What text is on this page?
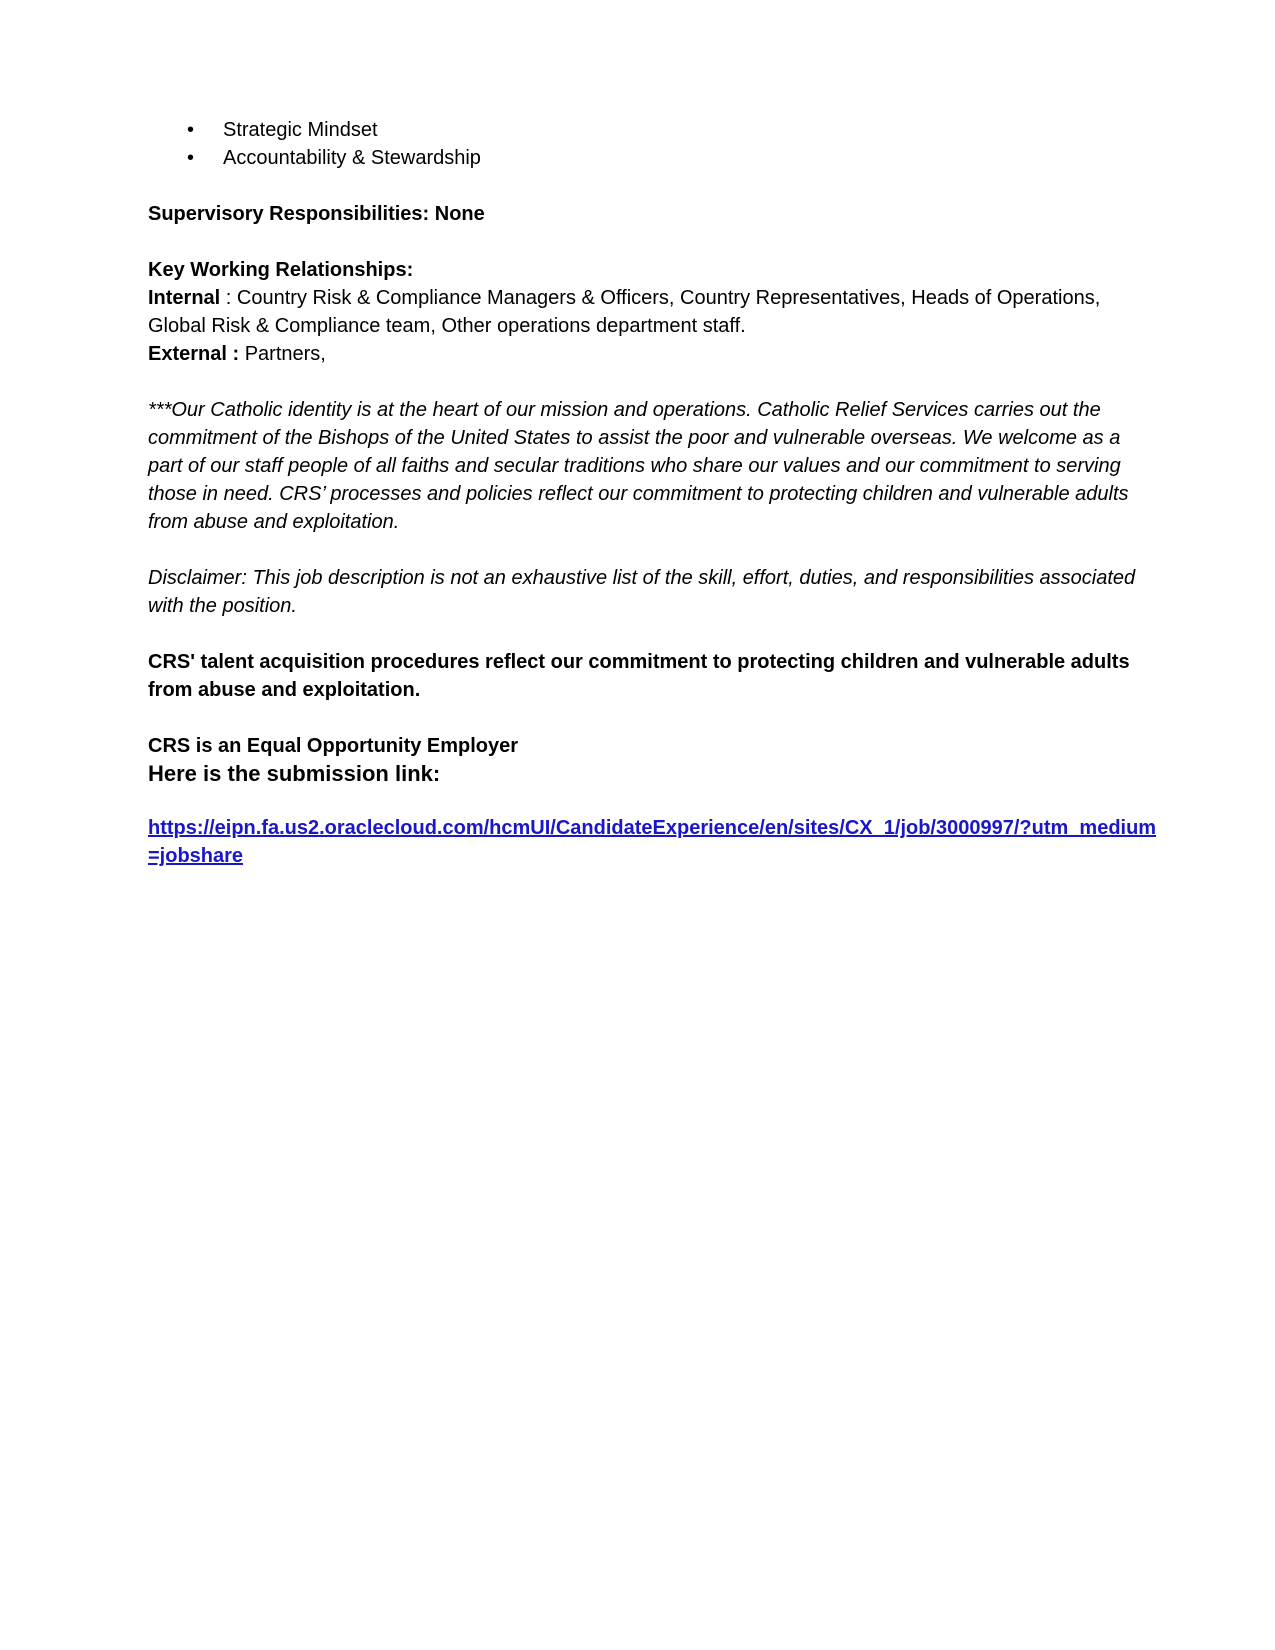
• Strategic Mindset
• Accountability & Stewardship

Supervisory Responsibilities: None

Key Working Relationships:
Internal : Country Risk & Compliance Managers & Officers, Country Representatives, Heads of Operations, Global Risk & Compliance team, Other operations department staff.
External : Partners,

***Our Catholic identity is at the heart of our mission and operations. Catholic Relief Services carries out the commitment of the Bishops of the United States to assist the poor and vulnerable overseas. We welcome as a part of our staff people of all faiths and secular traditions who share our values and our commitment to serving those in need. CRS’ processes and policies reflect our commitment to protecting children and vulnerable adults from abuse and exploitation.

Disclaimer: This job description is not an exhaustive list of the skill, effort, duties, and responsibilities associated with the position.

CRS' talent acquisition procedures reflect our commitment to protecting children and vulnerable adults from abuse and exploitation.

CRS is an Equal Opportunity Employer

Here is the submission link:
https://eipn.fa.us2.oraclecloud.com/hcmUI/CandidateExperience/en/sites/CX_1/job/3000997/?utm_medium=jobshare
